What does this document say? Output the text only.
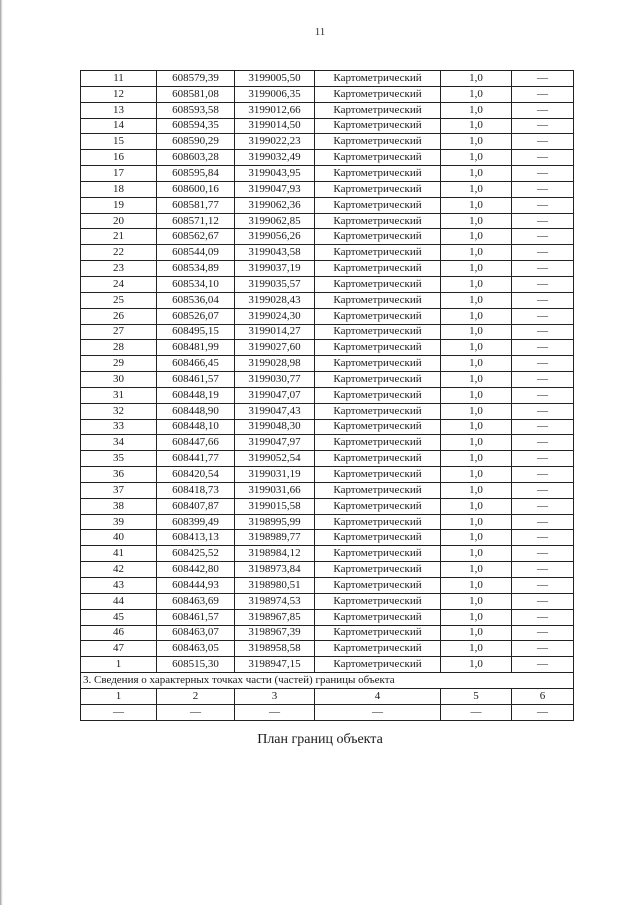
11
11	608579,39	3199005,50	Картометрический	1,0	—
12	608581,08	3199006,35	Картометрический	1,0	—
13	608593,58	3199012,66	Картометрический	1,0	—
14	608594,35	3199014,50	Картометрический	1,0	—
15	608590,29	3199022,23	Картометрический	1,0	—
16	608603,28	3199032,49	Картометрический	1,0	—
17	608595,84	3199043,95	Картометрический	1,0	—
18	608600,16	3199047,93	Картометрический	1,0	—
19	608581,77	3199062,36	Картометрический	1,0	—
20	608571,12	3199062,85	Картометрический	1,0	—
21	608562,67	3199056,26	Картометрический	1,0	—
22	608544,09	3199043,58	Картометрический	1,0	—
23	608534,89	3199037,19	Картометрический	1,0	—
24	608534,10	3199035,57	Картометрический	1,0	—
25	608536,04	3199028,43	Картометрический	1,0	—
26	608526,07	3199024,30	Картометрический	1,0	—
27	608495,15	3199014,27	Картометрический	1,0	—
28	608481,99	3199027,60	Картометрический	1,0	—
29	608466,45	3199028,98	Картометрический	1,0	—
30	608461,57	3199030,77	Картометрический	1,0	—
31	608448,19	3199047,07	Картометрический	1,0	—
32	608448,90	3199047,43	Картометрический	1,0	—
33	608448,10	3199048,30	Картометрический	1,0	—
34	608447,66	3199047,97	Картометрический	1,0	—
35	608441,77	3199052,54	Картометрический	1,0	—
36	608420,54	3199031,19	Картометрический	1,0	—
37	608418,73	3199031,66	Картометрический	1,0	—
38	608407,87	3199015,58	Картометрический	1,0	—
39	608399,49	3198995,99	Картометрический	1,0	—
40	608413,13	3198989,77	Картометрический	1,0	—
41	608425,52	3198984,12	Картометрический	1,0	—
42	608442,80	3198973,84	Картометрический	1,0	—
43	608444,93	3198980,51	Картометрический	1,0	—
44	608463,69	3198974,53	Картометрический	1,0	—
45	608461,57	3198967,85	Картометрический	1,0	—
46	608463,07	3198967,39	Картометрический	1,0	—
47	608463,05	3198958,58	Картометрический	1,0	—
1	608515,30	3198947,15	Картометрический	1,0	—
3. Сведения о характерных точках части (частей) границы объекта					
1	2	3	4	5	6
—	—	—	—	—	—
План границ объекта
